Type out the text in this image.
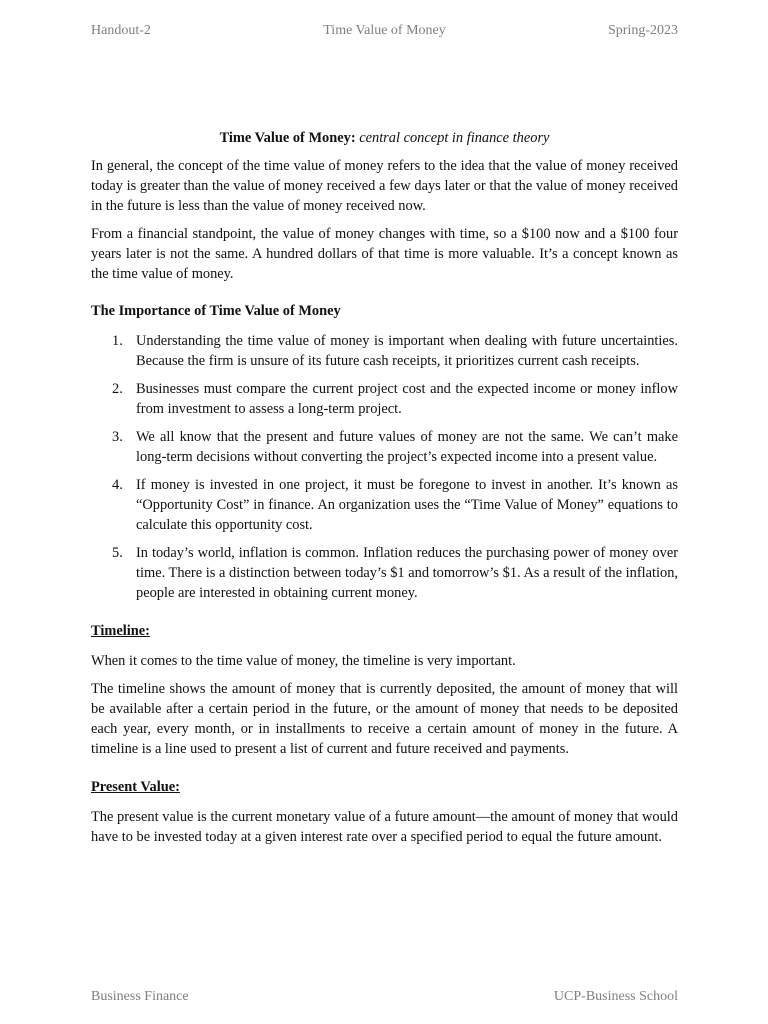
Handout-2	Time Value of Money	Spring-2023
Time Value of Money: central concept in finance theory

In general, the concept of the time value of money refers to the idea that the value of money received today is greater than the value of money received a few days later or that the value of money received in the future is less than the value of money received now.

From a financial standpoint, the value of money changes with time, so a $100 now and a $100 four years later is not the same. A hundred dollars of that time is more valuable. It’s a concept known as the time value of money.

The Importance of Time Value of Money
1. Understanding the time value of money is important when dealing with future uncertainties. Because the firm is unsure of its future cash receipts, it prioritizes current cash receipts.
2. Businesses must compare the current project cost and the expected income or money inflow from investment to assess a long-term project.
3. We all know that the present and future values of money are not the same. We can’t make long-term decisions without converting the project’s expected income into a present value.
4. If money is invested in one project, it must be foregone to invest in another. It’s known as “Opportunity Cost” in finance. An organization uses the “Time Value of Money” equations to calculate this opportunity cost.
5. In today’s world, inflation is common. Inflation reduces the purchasing power of money over time. There is a distinction between today’s $1 and tomorrow’s $1. As a result of the inflation, people are interested in obtaining current money.
Timeline:

When it comes to the time value of money, the timeline is very important.

The timeline shows the amount of money that is currently deposited, the amount of money that will be available after a certain period in the future, or the amount of money that needs to be deposited each year, every month, or in installments to receive a certain amount of money in the future. A timeline is a line used to present a list of current and future received and payments.

Present Value:

The present value is the current monetary value of a future amount—the amount of money that would have to be invested today at a given interest rate over a specified period to equal the future amount.

Business Finance	UCP-Business School
